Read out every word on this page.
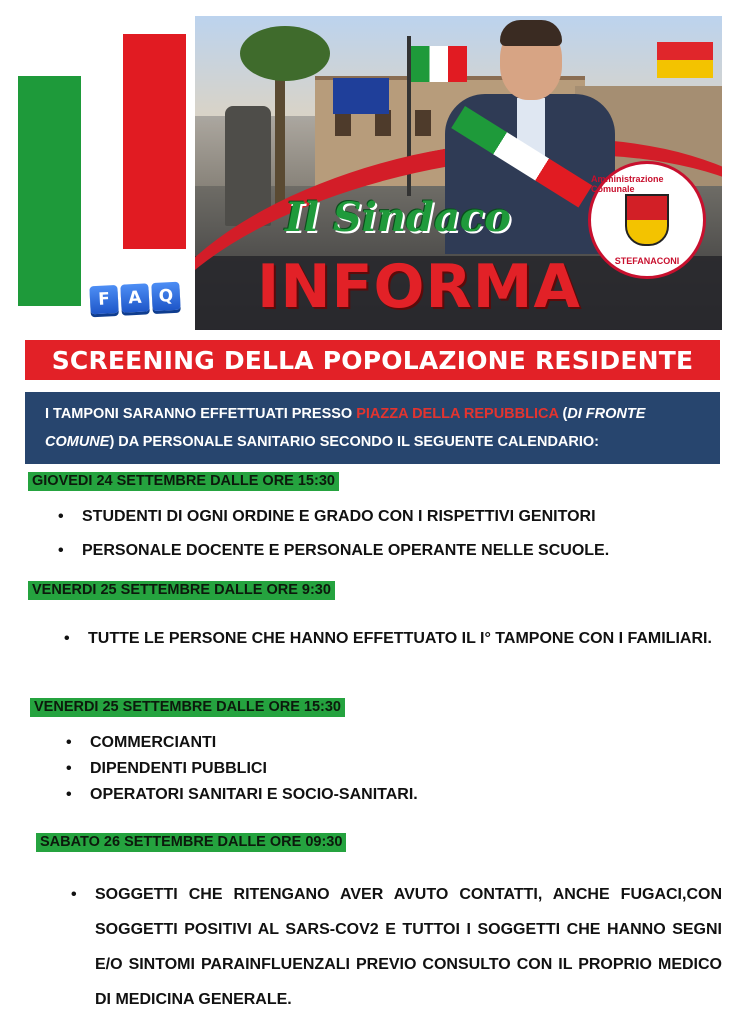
F	A Q
Amministrazione Comunale
STEFANACONI
Il Sindaco
INFORMA
SCREENING DELLA POPOLAZIONE RESIDENTE
I TAMPONI SARANNO EFFETTUATI PRESSO PIAZZA DELLA REPUBBLICA (DI FRONTE
COMUNE) DA PERSONALE SANITARIO SECONDO IL SEGUENTE CALENDARIO:
GIOVEDI 24 SETTEMBRE DALLE ORE 15:30
• STUDENTI DI OGNI ORDINE E GRADO CON I RISPETTIVI GENITORI
• PERSONALE DOCENTE E PERSONALE OPERANTE NELLE SCUOLE.
VENERDI 25 SETTEMBRE DALLE ORE 9:30
• TUTTE LE PERSONE CHE HANNO EFFETTUATO IL I° TAMPONE CON I FAMILIARI.
VENERDI 25 SETTEMBRE DALLE ORE 15:30
• COMMERCIANTI
• DIPENDENTI PUBBLICI
• OPERATORI SANITARI E SOCIO-SANITARI.
SABATO 26 SETTEMBRE DALLE ORE 09:30
• SOGGETTI CHE RITENGANO AVER AVUTO CONTATTI, ANCHE FUGACI,CON SOGGETTI POSITIVI AL SARS-COV2 E TUTTOI I SOGGETTI CHE HANNO SEGNI E/O SINTOMI PARAINFLUENZALI PREVIO CONSULTO CON IL PROPRIO MEDICO DI MEDICINA GENERALE.
